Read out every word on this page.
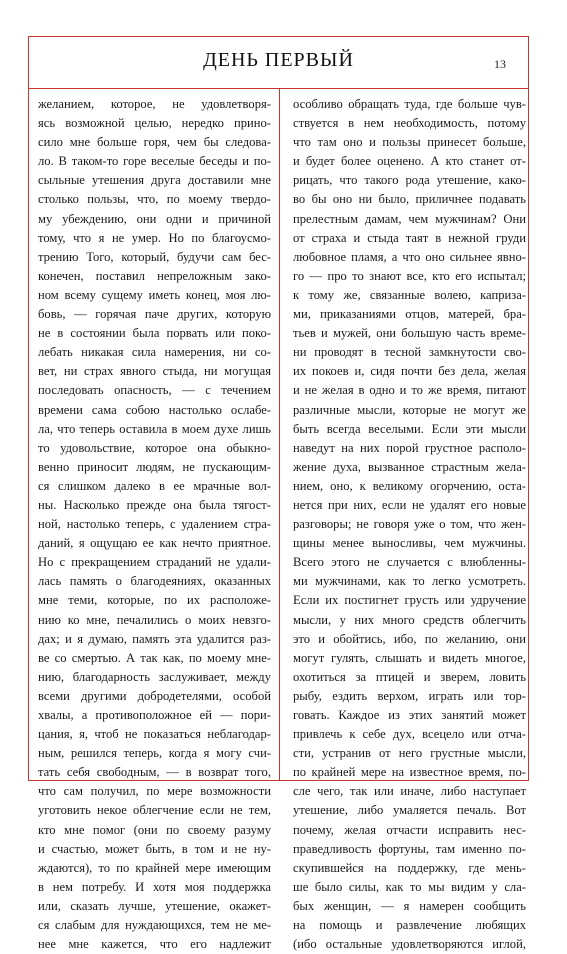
ДЕНЬ ПЕРВЫЙ	13
желанием, которое, не удовлетворя-
ясь возможной целью, нередко прино-
сило мне больше горя, чем бы следова-
ло. В таком-то горе веселые беседы и по-
сыльные утешения друга доставили мне
столько пользы, что, по моему твердо-
му убеждению, они одни и причиной
тому, что я не умер. Но по благоусмо-
трению Того, который, будучи сам бес-
конечен, поставил непреложным зако-
ном всему сущему иметь конец, моя лю-
бовь, — горячая паче других, которую
не в состоянии была порвать или поко-
лебать никакая сила намерения, ни со-
вет, ни страх явного стыда, ни могущая
последовать опасность, — с течением
времени сама собою настолько ослабе-
ла, что теперь оставила в моем духе лишь
то удовольствие, которое она обыкно-
венно приносит людям, не пускающим-
ся слишком далеко в ее мрачные вол-
ны. Насколько прежде она была тягост-
ной, настолько теперь, с удалением стра-
даний, я ощущаю ее как нечто приятное.
Но с прекращением страданий не удали-
лась память о благодеяниях, оказанных
мне теми, которые, по их расположе-
нию ко мне, печалились о моих невзго-
дах; и я думаю, память эта удалится раз-
ве со смертью. А так как, по моему мне-
нию, благодарность заслуживает, между
всеми другими добродетелями, особой
хвалы, а противоположное ей — пори-
цания, я, чтоб не показаться неблагодар-
ным, решился теперь, когда я могу счи-
тать себя свободным, — в возврат того,
что сам получил, по мере возможности
уготовить некое облегчение если не тем,
кто мне помог (они по своему разуму
и счастью, может быть, в том и не ну-
ждаются), то по крайней мере имеющим
в нем потребу. И хотя моя поддержка
или, сказать лучше, утешение, окажет-
ся слабым для нуждающихся, тем не ме-
нее мне кажется, что его надлежит
особливо обращать туда, где больше чув-
ствуется в нем необходимость, потому
что там оно и пользы принесет больше,
и будет более оценено. А кто станет от-
рицать, что такого рода утешение, како-
во бы оно ни было, приличнее подавать
прелестным дамам, чем мужчинам? Они
от страха и стыда таят в нежной груди
любовное пламя, а что оно сильнее явно-
го — про то знают все, кто его испытал;
к тому же, связанные волею, каприза-
ми, приказаниями отцов, матерей, бра-
тьев и мужей, они большую часть време-
ни проводят в тесной замкнутости сво-
их покоев и, сидя почти без дела, желая
и не желая в одно и то же время, питают
различные мысли, которые не могут же
быть всегда веселыми. Если эти мысли
наведут на них порой грустное располо-
жение духа, вызванное страстным жела-
нием, оно, к великому огорчению, оста-
нется при них, если не удалят его новые
разговоры; не говоря уже о том, что жен-
щины менее выносливы, чем мужчины.
Всего этого не случается с влюбленны-
ми мужчинами, как то легко усмотреть.
Если их постигнет грусть или удручение
мысли, у них много средств облегчить
это и обойтись, ибо, по желанию, они
могут гулять, слышать и видеть многое,
охотиться за птицей и зверем, ловить
рыбу, ездить верхом, играть или тор-
говать. Каждое из этих занятий может
привлечь к себе дух, всецело или отча-
сти, устранив от него грустные мысли,
по крайней мере на известное время, по-
сле чего, так или иначе, либо наступает
утешение, либо умаляется печаль. Вот
почему, желая отчасти исправить нес-
праведливость фортуны, там именно по-
скупившейся на поддержку, где мень-
ше было силы, как то мы видим у сла-
бых женщин, — я намерен сообщить
на помощь и развлечение любящих
(ибо остальные удовлетворяются иглой,
